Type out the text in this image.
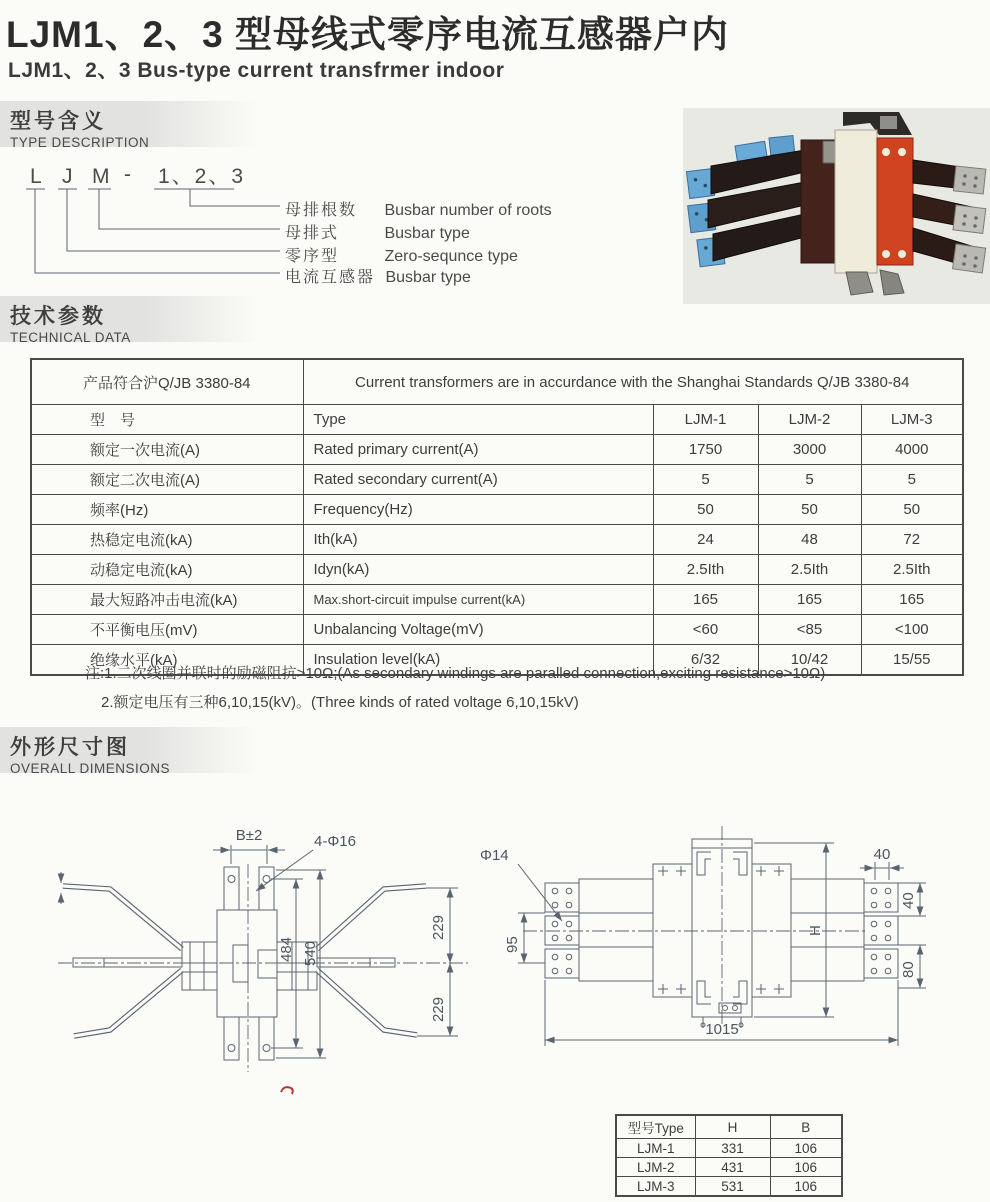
LJM1、2、3 型母线式零序电流互感器户内
LJM1、2、3 Bus-type current transfrmer indoor
型号含义
TYPE DESCRIPTION
L J M - 1、2、3
母排根数 Busbar number of roots
母排式	Busbar type
零序型	Zero-sequnce type
电流互感器 Busbar type
技术参数
TECHNICAL DATA
产品符合沪Q/JB 3380-84	Current transformers are in accurdance with the Shanghai Standards Q/JB 3380-84			
型　号	Type	LJM-1	LJM-2	LJM-3
额定一次电流(A)	Rated primary current(A)	1750	3000	4000
额定二次电流(A)	Rated secondary current(A)	5	5	5
频率(Hz)	Frequency(Hz)	50	50	50
热稳定电流(kA)	Ith(kA)	24	48	72
动稳定电流(kA)	Idyn(kA)	2.5Ith	2.5Ith	2.5Ith
最大短路冲击电流(kA)	Max.short-circuit impulse current(kA)	165	165	165
不平衡电压(mV)	Unbalancing Voltage(mV)	<60	<85	<100
绝缘水平(kA)	Insulation level(kA)	6/32	10/42	15/55
注:1.二次线圈并联时的励磁阻抗>10Ω;(As secondary windings are paralled connection,exciting resistance>10Ω)
2.额定电压有三种6,10,15(kV)。(Three kinds of rated voltage 6,10,15kV)
外形尺寸图
OVERALL DIMENSIONS
B±2	4-Φ16
484 540
229
229
Φ14
95
H
40
40
80
1015
型号Type	H	B
LJM-1	331	106
LJM-2	431	106
LJM-3	531	106
